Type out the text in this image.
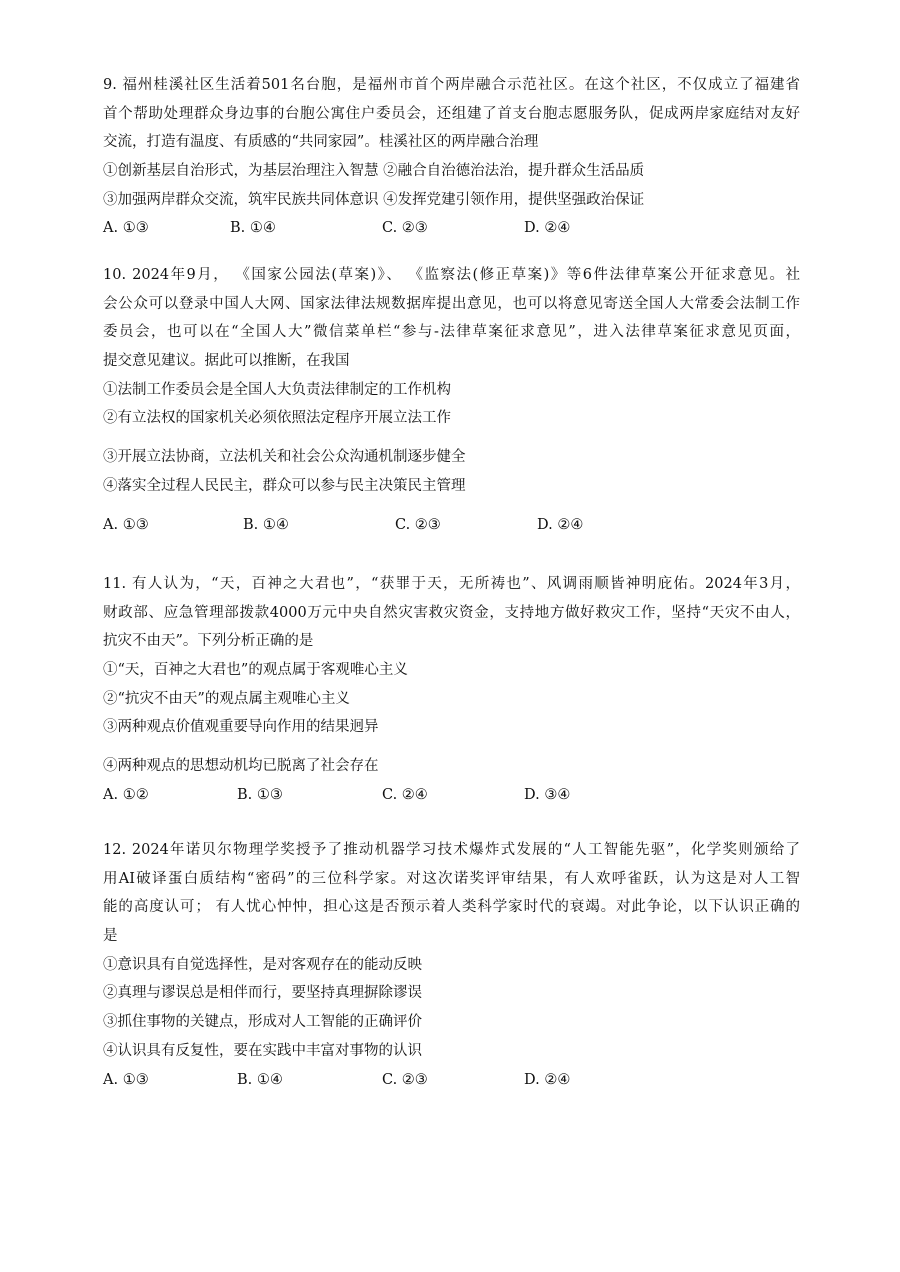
9. 福州桂溪社区生活着501名台胞，是福州市首个两岸融合示范社区。在这个社区，不仅成立了福建省
首个帮助处理群众身边事的台胞公寓住户委员会，还组建了首支台胞志愿服务队，促成两岸家庭结对友好
交流，打造有温度、有质感的“共同家园”。桂溪社区的两岸融合治理
①创新基层自治形式，为基层治理注入智慧 ②融合自治德治法治，提升群众生活品质
③加强两岸群众交流，筑牢民族共同体意识 ④发挥党建引领作用，提供坚强政治保证
A. ①③	B. ①④	C. ②③	D. ②④
10. 2024年9月， 《国家公园法(草案)》、 《监察法(修正草案)》等6件法律草案公开征求意见。社
会公众可以登录中国人大网、国家法律法规数据库提出意见，也可以将意见寄送全国人大常委会法制工作
委员会，也可以在“全国人大”微信菜单栏“参与-法律草案征求意见”，进入法律草案征求意见页面，
提交意见建议。据此可以推断，在我国
①法制工作委员会是全国人大负责法律制定的工作机构
②有立法权的国家机关必须依照法定程序开展立法工作
③开展立法协商，立法机关和社会公众沟通机制逐步健全
④落实全过程人民民主，群众可以参与民主决策民主管理
A. ①③	B. ①④	C. ②③	D. ②④
11. 有人认为，“天，百神之大君也”，“获罪于天，无所祷也”、风调雨顺皆神明庇佑。2024年3月，
财政部、应急管理部拨款4000万元中央自然灾害救灾资金，支持地方做好救灾工作，坚持“天灾不由人，
抗灾不由天”。下列分析正确的是
①“天，百神之大君也”的观点属于客观唯心主义
②“抗灾不由天”的观点属主观唯心主义
③两种观点价值观重要导向作用的结果迥异
④两种观点的思想动机均已脱离了社会存在
A. ①②	B. ①③	C. ②④	D. ③④
12. 2024年诺贝尔物理学奖授予了推动机器学习技术爆炸式发展的“人工智能先驱”，化学奖则颁给了
用AI破译蛋白质结构“密码”的三位科学家。对这次诺奖评审结果，有人欢呼雀跃，认为这是对人工智
能的高度认可； 有人忧心忡忡，担心这是否预示着人类科学家时代的衰竭。对此争论，以下认识正确的
是
①意识具有自觉选择性，是对客观存在的能动反映
②真理与谬误总是相伴而行，要坚持真理摒除谬误
③抓住事物的关键点，形成对人工智能的正确评价
④认识具有反复性，要在实践中丰富对事物的认识
A. ①③	B. ①④	C. ②③	D. ②④
